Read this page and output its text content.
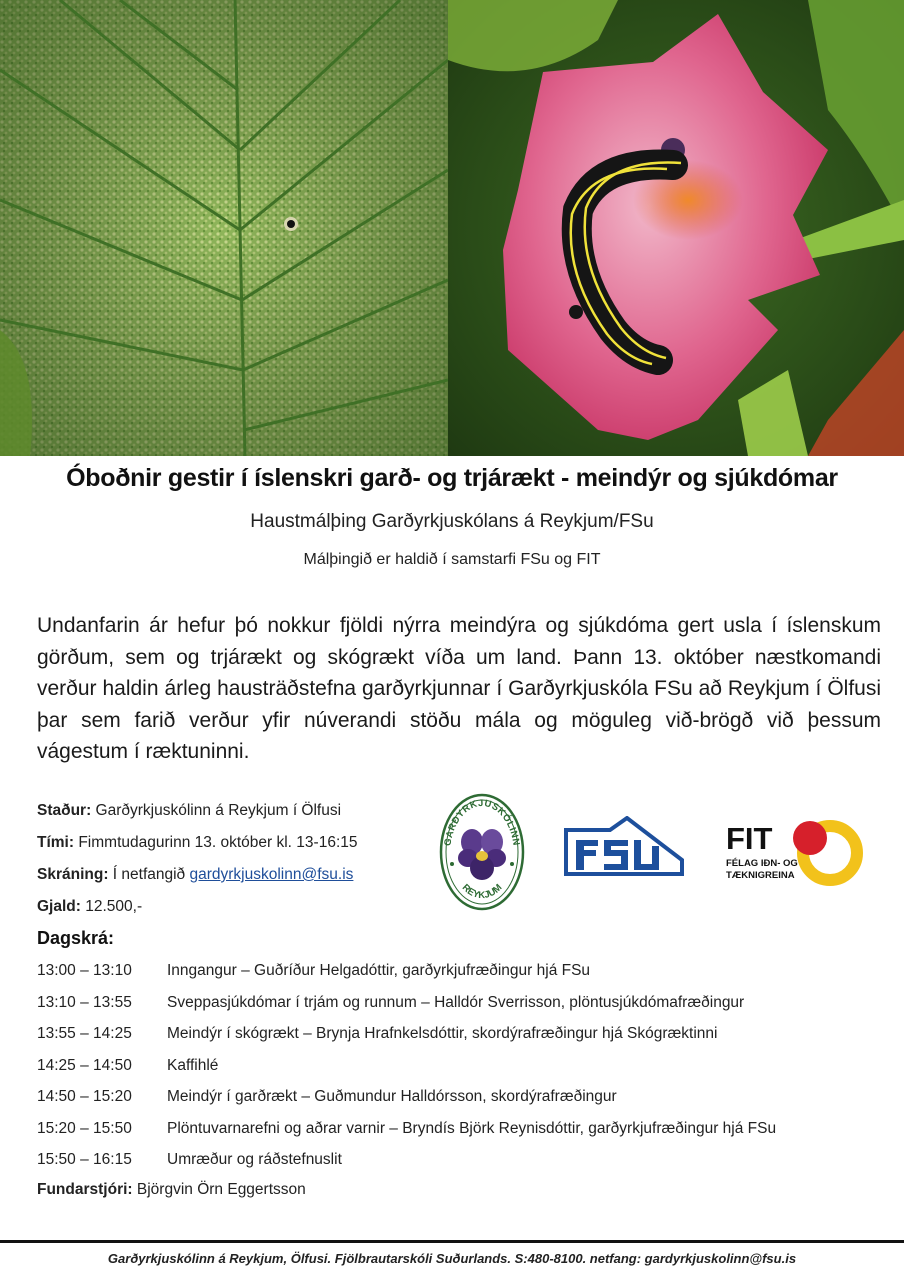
Óboðnir gestir í íslenskri garð- og trjárækt - meindýr og sjúkdómar
Haustmálþing Garðyrkjuskólans á Reykjum/FSu
Málþingið er haldið í samstarfi FSu og FIT

Undanfarin ár hefur þó nokkur fjöldi nýrra meindýra og sjúkdóma gert usla í íslenskum görðum, sem og trjárækt og skógrækt víða um land. Þann 13. október næstkomandi verður haldin árleg hausträðstefna garðyrkjunnar í Garðyrkjuskóla FSu að Reykjum í Ölfusi þar sem farið verður yfir núverandi stöðu mála og möguleg við-brögð við þessum vágestum í ræktuninni.

Staður: Garðyrkjuskólinn á Reykjum í Ölfusi
Tími: Fimmtudagurinn 13. október kl. 13-16:15
Skráning: Í netfangið gardyrkjuskolinn@fsu.is
Gjald: 12.500,-
GARÐYRKJUSKÓLINN
REYKJUM
FIT
FÉLAG IÐN- OG
TÆKNIGREINA
Dagskrá:
13:00 – 13:10	Inngangur – Guðríður Helgadóttir, garðyrkjufræðingur hjá FSu
13:10 – 13:55	Sveppasjúkdómar í trjám og runnum – Halldór Sverrisson, plöntusjúkdómafræðingur
13:55 – 14:25	Meindýr í skógrækt – Brynja Hrafnkelsdóttir, skordýrafræðingur hjá Skógræktinni
14:25 – 14:50	Kaffihlé
14:50 – 15:20	Meindýr í garðrækt – Guðmundur Halldórsson, skordýrafræðingur
15:20 – 15:50	Plöntuvarnarefni og aðrar varnir – Bryndís Björk Reynisdóttir, garðyrkjufræðingur hjá FSu
15:50 – 16:15	Umræður og ráðstefnuslit
Fundarstjóri: Björgvin Örn Eggertsson
Garðyrkjuskólinn á Reykjum, Ölfusi. Fjölbrautarskóli Suðurlands. S:480-8100. netfang: gardyrkjuskolinn@fsu.is
